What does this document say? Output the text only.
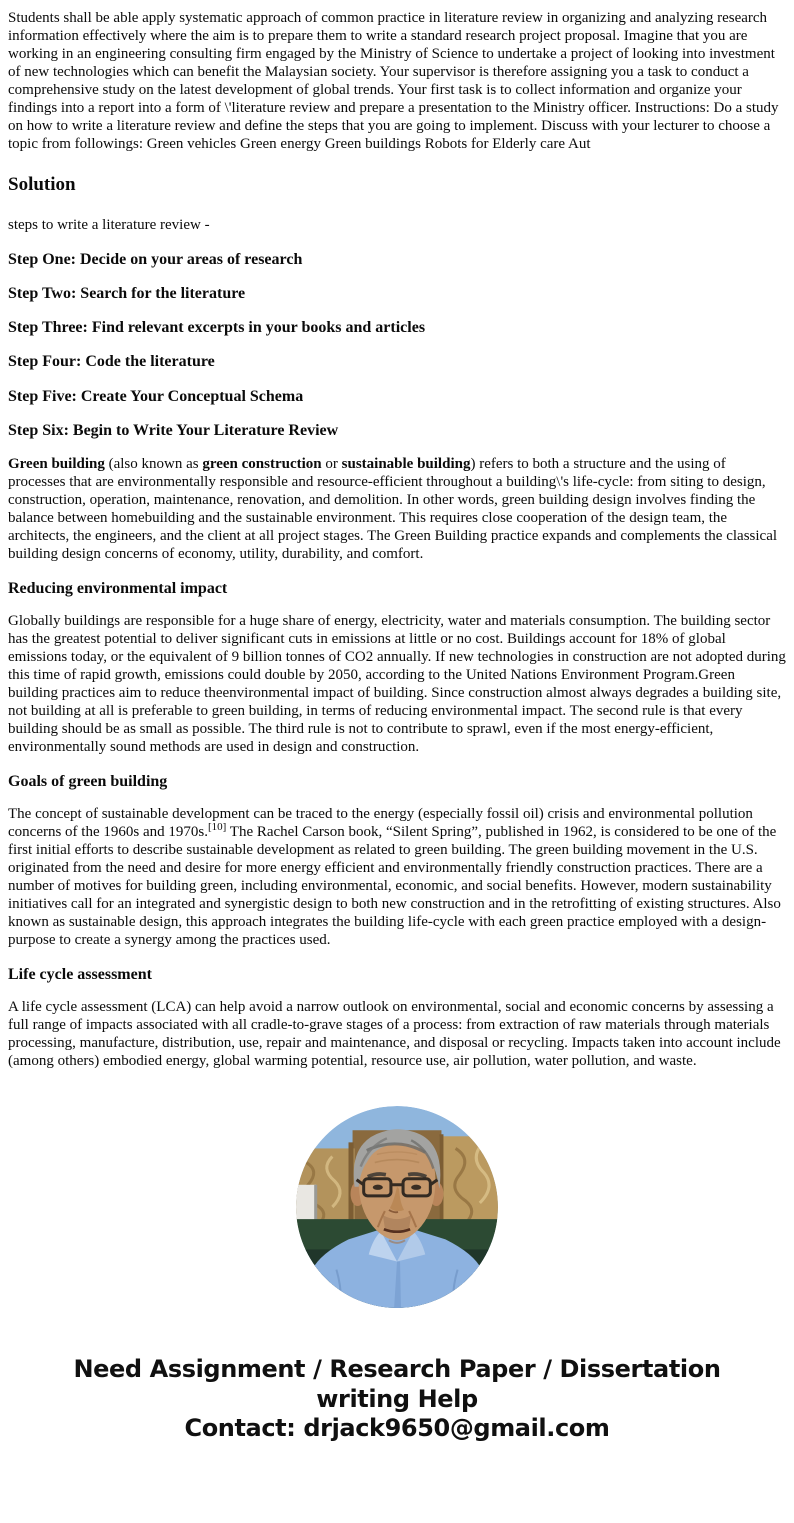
Students shall be able apply systematic approach of common practice in literature review in organizing and analyzing research information effectively where the aim is to prepare them to write a standard research project proposal. Imagine that you are working in an engineering consulting firm engaged by the Ministry of Science to undertake a project of looking into investment of new technologies which can benefit the Malaysian society. Your supervisor is therefore assigning you a task to conduct a comprehensive study on the latest development of global trends. Your first task is to collect information and organize your findings into a report into a form of \'literature review and prepare a presentation to the Ministry officer. Instructions: Do a study on how to write a literature review and define the steps that you are going to implement. Discuss with your lecturer to choose a topic from followings: Green vehicles Green energy Green buildings Robots for Elderly care Aut

Solution

steps to write a literature review -

Step One: Decide on your areas of research

Step Two: Search for the literature

Step Three: Find relevant excerpts in your books and articles

Step Four: Code the literature

Step Five: Create Your Conceptual Schema

Step Six: Begin to Write Your Literature Review

Green building (also known as green construction or sustainable building) refers to both a structure and the using of processes that are environmentally responsible and resource-efficient throughout a building\'s life-cycle: from siting to design, construction, operation, maintenance, renovation, and demolition. In other words, green building design involves finding the balance between homebuilding and the sustainable environment. This requires close cooperation of the design team, the architects, the engineers, and the client at all project stages. The Green Building practice expands and complements the classical building design concerns of economy, utility, durability, and comfort.

Reducing environmental impact

Globally buildings are responsible for a huge share of energy, electricity, water and materials consumption. The building sector has the greatest potential to deliver significant cuts in emissions at little or no cost. Buildings account for 18% of global emissions today, or the equivalent of 9 billion tonnes of CO2 annually. If new technologies in construction are not adopted during this time of rapid growth, emissions could double by 2050, according to the United Nations Environment Program.Green building practices aim to reduce theenvironmental impact of building. Since construction almost always degrades a building site, not building at all is preferable to green building, in terms of reducing environmental impact. The second rule is that every building should be as small as possible. The third rule is not to contribute to sprawl, even if the most energy-efficient, environmentally sound methods are used in design and construction.

Goals of green building

The concept of sustainable development can be traced to the energy (especially fossil oil) crisis and environmental pollution concerns of the 1960s and 1970s.[10] The Rachel Carson book, “Silent Spring”, published in 1962, is considered to be one of the first initial efforts to describe sustainable development as related to green building. The green building movement in the U.S. originated from the need and desire for more energy efficient and environmentally friendly construction practices. There are a number of motives for building green, including environmental, economic, and social benefits. However, modern sustainability initiatives call for an integrated and synergistic design to both new construction and in the retrofitting of existing structures. Also known as sustainable design, this approach integrates the building life-cycle with each green practice employed with a design-purpose to create a synergy among the practices used.

Life cycle assessment

A life cycle assessment (LCA) can help avoid a narrow outlook on environmental, social and economic concerns by assessing a full range of impacts associated with all cradle-to-grave stages of a process: from extraction of raw materials through materials processing, manufacture, distribution, use, repair and maintenance, and disposal or recycling. Impacts taken into account include (among others) embodied energy, global warming potential, resource use, air pollution, water pollution, and waste.

Need Assignment / Research Paper / Dissertation
writing Help
Contact: drjack9650@gmail.com
